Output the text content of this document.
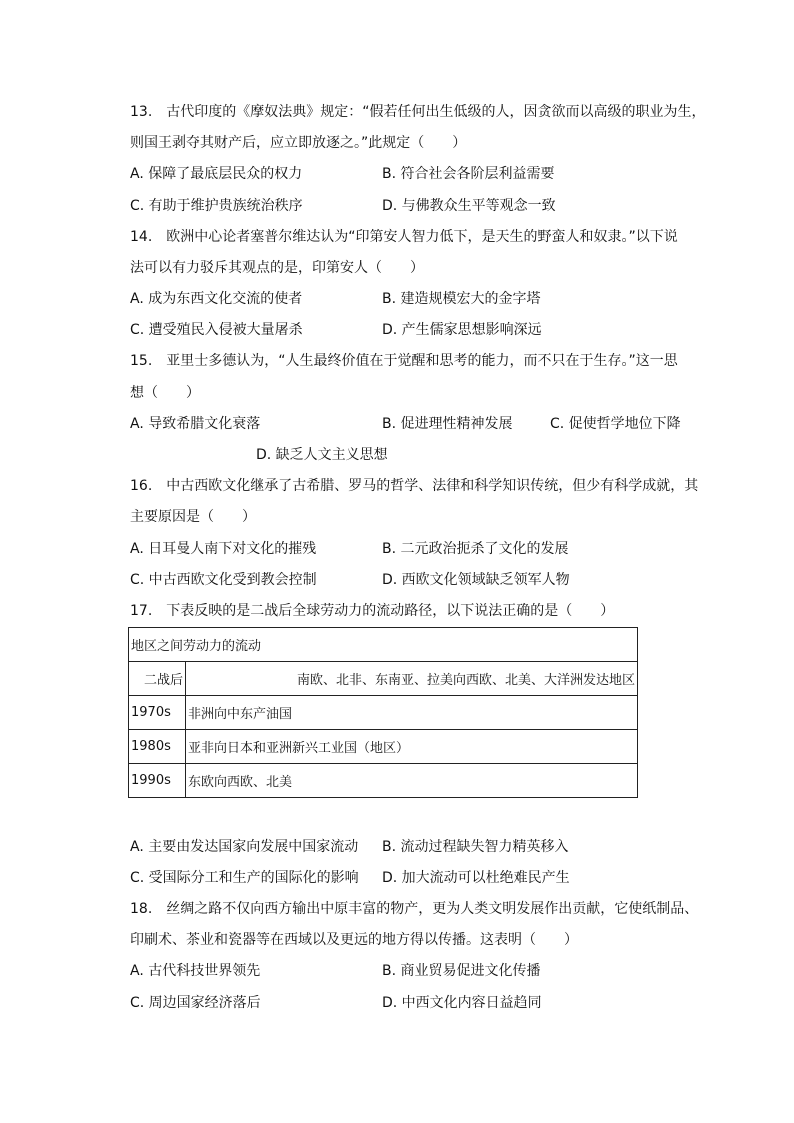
13.　古代印度的《摩奴法典》规定：“假若任何出生低级的人，因贪欲而以高级的职业为生，
则国王剥夺其财产后，应立即放逐之。”此规定（　　）
A. 保障了最底层民众的权力	B. 符合社会各阶层利益需要
C. 有助于维护贵族统治秩序	D. 与佛教众生平等观念一致
14.　欧洲中心论者塞普尔维达认为“印第安人智力低下，是天生的野蛮人和奴隶。”以下说
法可以有力驳斥其观点的是，印第安人（　　）
A. 成为东西文化交流的使者	B. 建造规模宏大的金字塔
C. 遭受殖民入侵被大量屠杀	D. 产生儒家思想影响深远
15.　亚里士多德认为，“人生最终价值在于觉醒和思考的能力，而不只在于生存。”这一思
想（　　）
A. 导致希腊文化衰落	B. 促进理性精神发展	C. 促使哲学地位下降
D. 缺乏人文主义思想
16.　中古西欧文化继承了古希腊、罗马的哲学、法律和科学知识传统，但少有科学成就，其
主要原因是（　　）
A. 日耳曼人南下对文化的摧残	B. 二元政治扼杀了文化的发展
C. 中古西欧文化受到教会控制	D. 西欧文化领域缺乏领军人物
17.　下表反映的是二战后全球劳动力的流动路径，以下说法正确的是（　　）
地区之间劳动力的流动	
二战后	南欧、北非、东南亚、拉美向西欧、北美、大洋洲发达地区
1970s	非洲向中东产油国
1980s	亚非向日本和亚洲新兴工业国（地区）
1990s	东欧向西欧、北美
A. 主要由发达国家向发展中国家流动 B. 流动过程缺失智力精英移入
C. 受国际分工和生产的国际化的影响 D. 加大流动可以杜绝难民产生
18.　丝绸之路不仅向西方输出中原丰富的物产，更为人类文明发展作出贡献，它使纸制品、
印刷术、茶业和瓷器等在西域以及更远的地方得以传播。这表明（　　）
A. 古代科技世界领先	B. 商业贸易促进文化传播
C. 周边国家经济落后	D. 中西文化内容日益趋同
